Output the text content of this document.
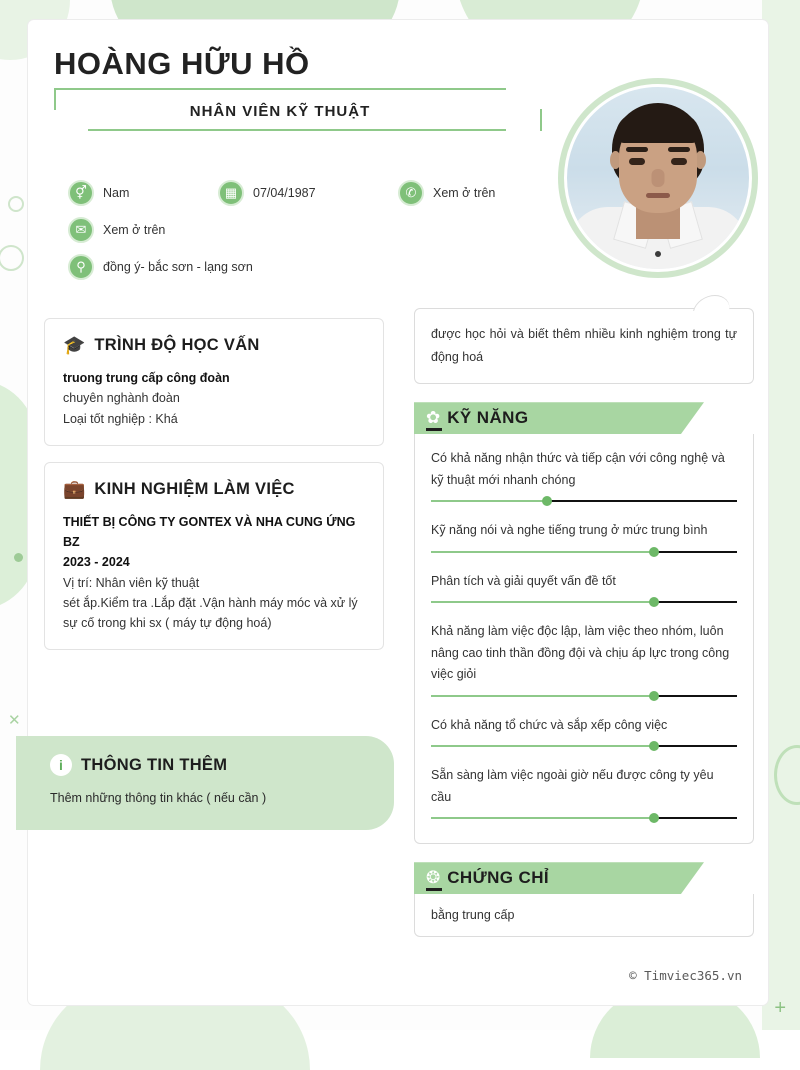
✕
+
HOÀNG HỮU HỒ
NHÂN VIÊN KỸ THUẬT
⚥	Nam	▦	07/04/1987	✆	Xem ở trên
✉	Xem ở trên
⚲	đồng ý- bắc sơn - lạng sơn
🎓 TRÌNH ĐỘ HỌC VẤN
truong trung cấp công đoàn
chuyên nghành đoàn
Loại tốt nghiệp : Khá
💼 KINH NGHIỆM LÀM VIỆC
THIẾT BỊ CÔNG TY GONTEX VÀ NHA CUNG ỨNG BZ
2023 - 2024
Vị trí: Nhân viên kỹ thuật
sét ắp.Kiểm tra .Lắp đặt .Vận hành máy móc và xử lý sự cố trong khi sx ( máy tự động hoá)
i	THÔNG TIN THÊM
Thêm những thông tin khác ( nếu cần )
được học hỏi và biết thêm nhiều kinh nghiệm trong tự động hoá
✿ KỸ NĂNG
Có khả năng nhận thức và tiếp cận với công nghệ và kỹ thuật mới nhanh chóng
Kỹ năng nói và nghe tiếng trung ở mức trung bình
Phân tích và giải quyết vấn đề tốt
Khả năng làm việc độc lập, làm việc theo nhóm, luôn nâng cao tinh thần đồng đội và chịu áp lực trong công việc giỏi
Có khả năng tổ chức và sắp xếp công việc
Sẵn sàng làm việc ngoài giờ nếu được công ty yêu cầu
❂ CHỨNG CHỈ
bằng trung cấp
© Timviec365.vn
